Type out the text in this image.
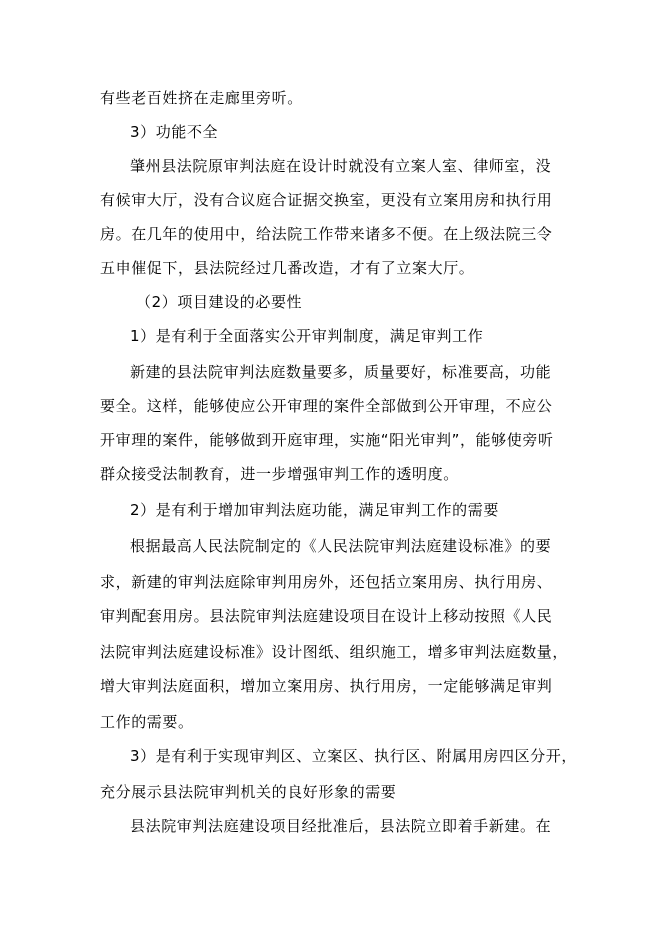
有些老百姓挤在走廊里旁听。
3）功能不全
肇州县法院原审判法庭在设计时就没有立案人室、律师室，没
有候审大厅，没有合议庭合证据交换室，更没有立案用房和执行用
房。在几年的使用中，给法院工作带来诸多不便。在上级法院三令
五申催促下，县法院经过几番改造，才有了立案大厅。
（2）项目建设的必要性
1）是有利于全面落实公开审判制度，满足审判工作
新建的县法院审判法庭数量要多，质量要好，标准要高，功能
要全。这样，能够使应公开审理的案件全部做到公开审理，不应公
开审理的案件，能够做到开庭审理，实施“阳光审判”，能够使旁听
群众接受法制教育，进一步增强审判工作的透明度。
2）是有利于增加审判法庭功能，满足审判工作的需要
根据最高人民法院制定的《人民法院审判法庭建设标准》的要
求，新建的审判法庭除审判用房外，还包括立案用房、执行用房、
审判配套用房。县法院审判法庭建设项目在设计上移动按照《人民
法院审判法庭建设标准》设计图纸、组织施工，增多审判法庭数量，
增大审判法庭面积，增加立案用房、执行用房，一定能够满足审判
工作的需要。
3）是有利于实现审判区、立案区、执行区、附属用房四区分开，
充分展示县法院审判机关的良好形象的需要
县法院审判法庭建设项目经批准后，县法院立即着手新建。在
